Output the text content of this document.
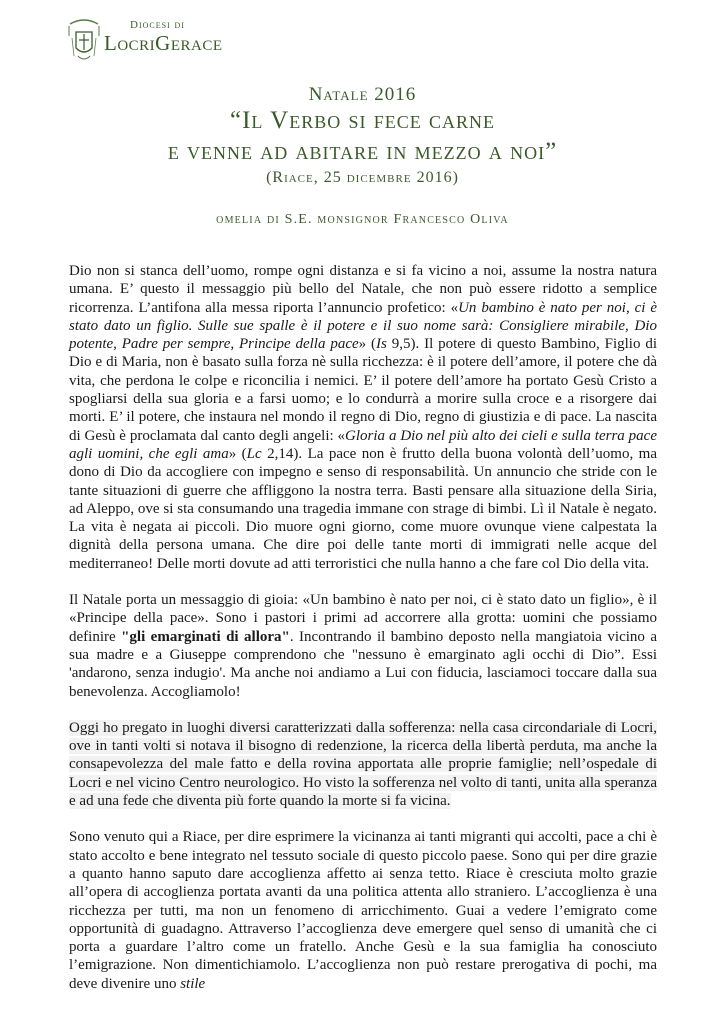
Diocesi di
LocriGerace
Natale 2016
“Il Verbo si fece carne
e venne ad abitare in mezzo a noi”
(Riace, 25 dicembre 2016)
omelia di S.E. monsignor Francesco Oliva

Dio non si stanca dell’uomo, rompe ogni distanza e si fa vicino a noi, assume la nostra natura umana. E’ questo il messaggio più bello del Natale, che non può essere ridotto a semplice ricorrenza. L’antifona alla messa riporta l’annuncio profetico: «Un bambino è nato per noi, ci è stato dato un figlio. Sulle sue spalle è il potere e il suo nome sarà: Consigliere mirabile, Dio potente, Padre per sempre, Principe della pace» (Is 9,5). Il potere di questo Bambino, Figlio di Dio e di Maria, non è basato sulla forza nè sulla ricchezza: è il potere dell’amore, il potere che dà vita, che perdona le colpe e riconcilia i nemici. E’ il potere dell’amore ha portato Gesù Cristo a spogliarsi della sua gloria e a farsi uomo; e lo condurrà a morire sulla croce e a risorgere dai morti. E’ il potere, che instaura nel mondo il regno di Dio, regno di giustizia e di pace. La nascita di Gesù è proclamata dal canto degli angeli: «Gloria a Dio nel più alto dei cieli e sulla terra pace agli uomini, che egli ama» (Lc 2,14). La pace non è frutto della buona volontà dell’uomo, ma dono di Dio da accogliere con impegno e senso di responsabilità. Un annuncio che stride con le tante situazioni di guerre che affliggono la nostra terra. Basti pensare alla situazione della Siria, ad Aleppo, ove si sta consumando una tragedia immane con strage di bimbi. Lì il Natale è negato. La vita è negata ai piccoli. Dio muore ogni giorno, come muore ovunque viene calpestata la dignità della persona umana. Che dire poi delle tante morti di immigrati nelle acque del mediterraneo! Delle morti dovute ad atti terroristici che nulla hanno a che fare col Dio della vita.

Il Natale porta un messaggio di gioia: «Un bambino è nato per noi, ci è stato dato un figlio», è il «Principe della pace». Sono i pastori i primi ad accorrere alla grotta: uomini che possiamo definire "gli emarginati di allora". Incontrando il bambino deposto nella mangiatoia vicino a sua madre e a Giuseppe comprendono che "nessuno è emarginato agli occhi di Dio”. Essi 'andarono, senza indugio'. Ma anche noi andiamo a Lui con fiducia, lasciamoci toccare dalla sua benevolenza. Accogliamolo!

Oggi ho pregato in luoghi diversi caratterizzati dalla sofferenza: nella casa circondariale di Locri, ove in tanti volti si notava il bisogno di redenzione, la ricerca della libertà perduta, ma anche la consapevolezza del male fatto e della rovina apportata alle proprie famiglie; nell’ospedale di Locri e nel vicino Centro neurologico. Ho visto la sofferenza nel volto di tanti, unita alla speranza e ad una fede che diventa più forte quando la morte si fa vicina.

Sono venuto qui a Riace, per dire esprimere la vicinanza ai tanti migranti qui accolti, pace a chi è stato accolto e bene integrato nel tessuto sociale di questo piccolo paese. Sono qui per dire grazie a quanto hanno saputo dare accoglienza affetto ai senza tetto. Riace è cresciuta molto grazie all’opera di accoglienza portata avanti da una politica attenta allo straniero. L’accoglienza è una ricchezza per tutti, ma non un fenomeno di arricchimento. Guai a vedere l’emigrato come opportunità di guadagno. Attraverso l’accoglienza deve emergere quel senso di umanità che ci porta a guardare l’altro come un fratello. Anche Gesù e la sua famiglia ha conosciuto l’emigrazione. Non dimentichiamolo. L’accoglienza non può restare prerogativa di pochi, ma deve divenire uno stile
